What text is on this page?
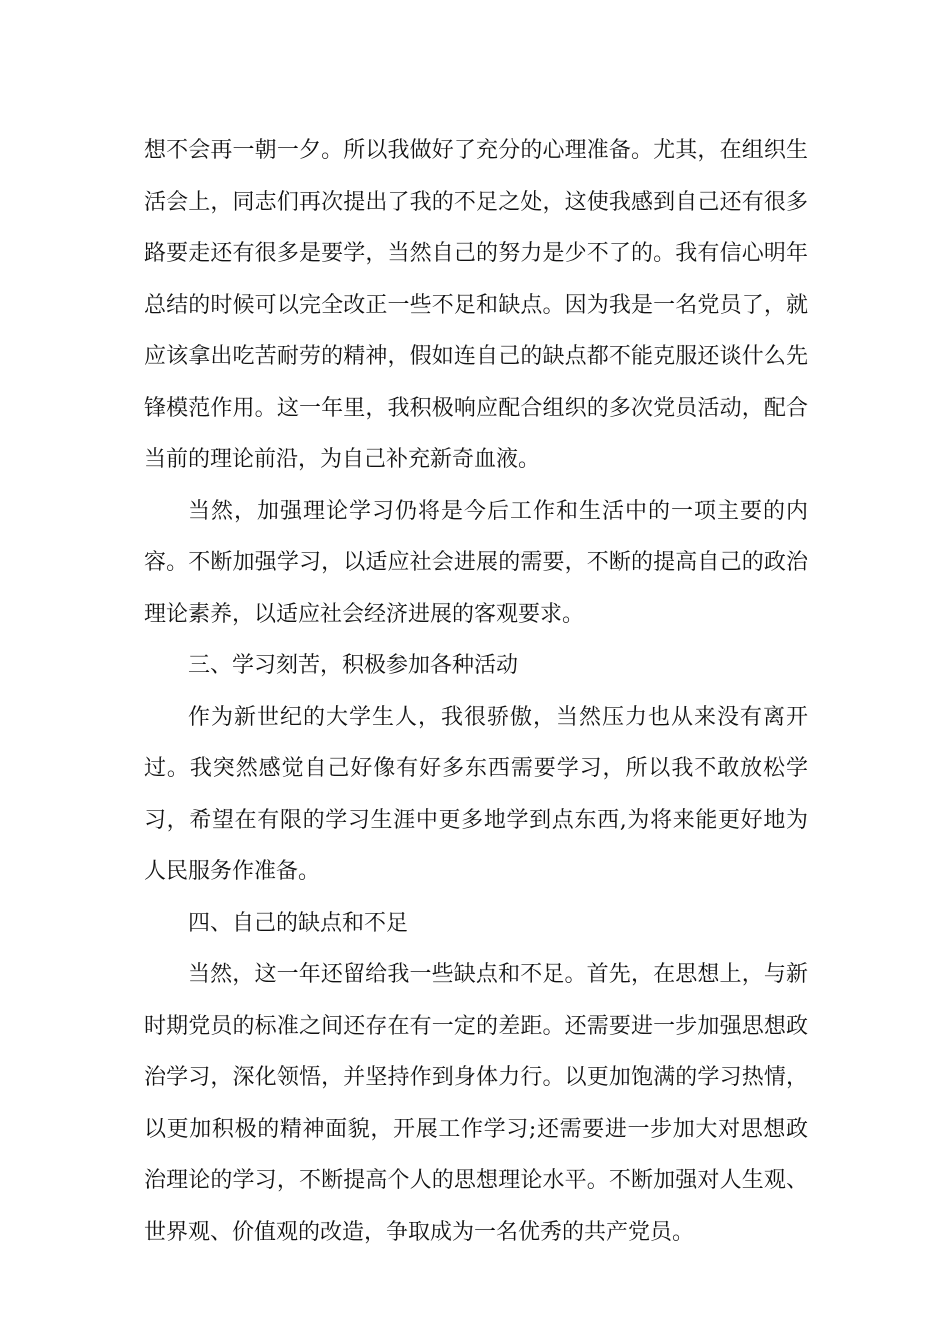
想不会再一朝一夕。所以我做好了充分的心理准备。尤其，在组织生活会上，同志们再次提出了我的不足之处，这使我感到自己还有很多路要走还有很多是要学，当然自己的努力是少不了的。我有信心明年总结的时候可以完全改正一些不足和缺点。因为我是一名党员了，就应该拿出吃苦耐劳的精神，假如连自己的缺点都不能克服还谈什么先锋模范作用。这一年里，我积极响应配合组织的多次党员活动，配合当前的理论前沿，为自己补充新奇血液。

当然，加强理论学习仍将是今后工作和生活中的一项主要的内容。不断加强学习，以适应社会进展的需要，不断的提高自己的政治理论素养，以适应社会经济进展的客观要求。

三、学习刻苦，积极参加各种活动

作为新世纪的大学生人，我很骄傲，当然压力也从来没有离开过。我突然感觉自己好像有好多东西需要学习，所以我不敢放松学习，希望在有限的学习生涯中更多地学到点东西,为将来能更好地为人民服务作准备。

四、自己的缺点和不足

当然，这一年还留给我一些缺点和不足。首先，在思想上，与新时期党员的标准之间还存在有一定的差距。还需要进一步加强思想政治学习，深化领悟，并坚持作到身体力行。以更加饱满的学习热情，以更加积极的精神面貌，开展工作学习;还需要进一步加大对思想政治理论的学习，不断提高个人的思想理论水平。不断加强对人生观、世界观、价值观的改造，争取成为一名优秀的共产党员。
